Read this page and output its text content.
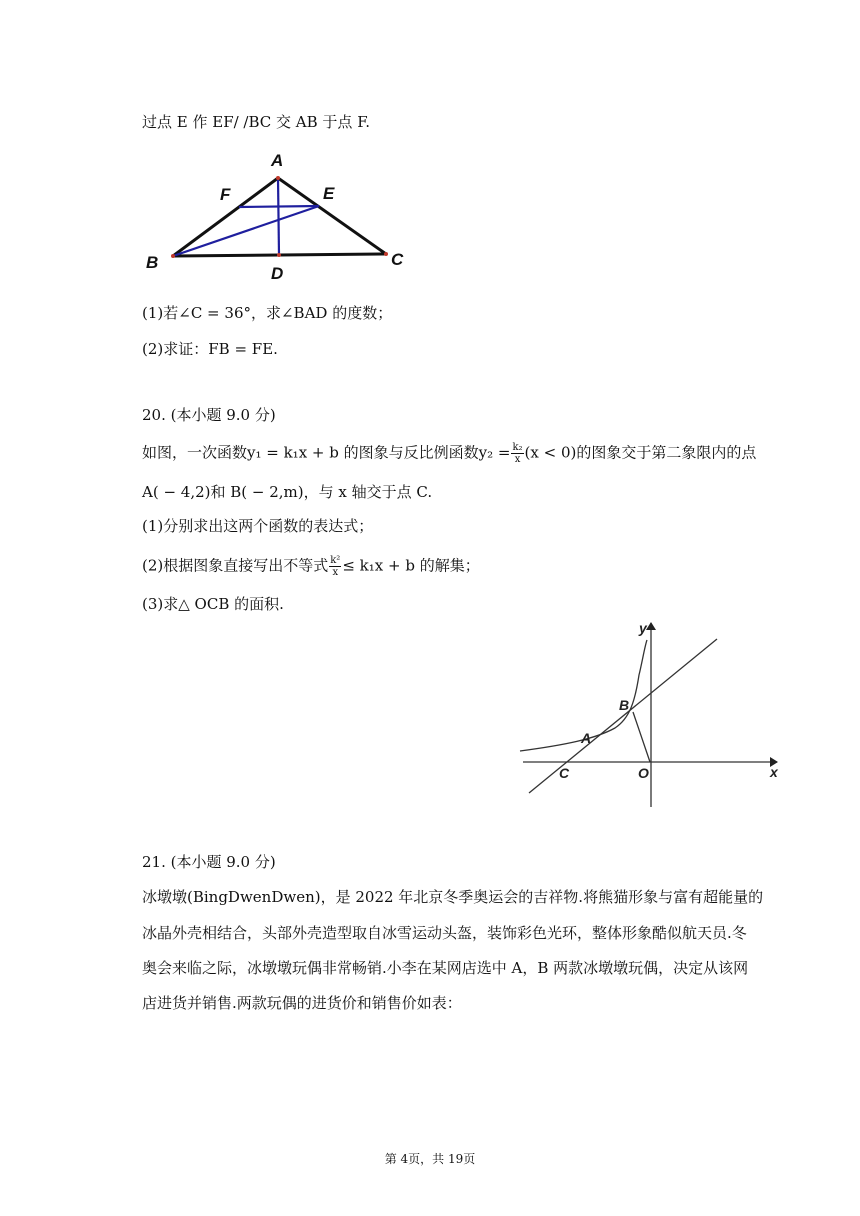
过点 E 作 EF/ /BC 交 AB 于点 F.
A
F	E
B	C
D
(1)若∠C = 36°，求∠BAD 的度数；
(2)求证：FB = FE.
20. (本小题 9.0 分)
如图，一次函数y₁ = k₁x + b 的图象与反比例函数$y_2 = \frac{\text{k₂}}{x} (x < 0)$的图象交于第二象限内的点
A( − 4,2)和 B( − 2,m)，与 x 轴交于点 C.
(1)分别求出这两个函数的表达式；
(2)根据图象直接写出不等式 $\frac{\text{k²}}{x} \le k_1x + b$ 的解集；
(3)求△ OCB 的面积.
y
x
O
A
B
C
21. (本小题 9.0 分)
冰墩墩(BingDwenDwen)，是 2022 年北京冬季奥运会的吉祥物.将熊猫形象与富有超能量的
冰晶外壳相结合，头部外壳造型取自冰雪运动头盔，装饰彩色光环，整体形象酷似航天员.冬
奥会来临之际，冰墩墩玩偶非常畅销.小李在某网店选中 A，B 两款冰墩墩玩偶，决定从该网
店进货并销售.两款玩偶的进货价和销售价如表：
第 4页，共 19页
